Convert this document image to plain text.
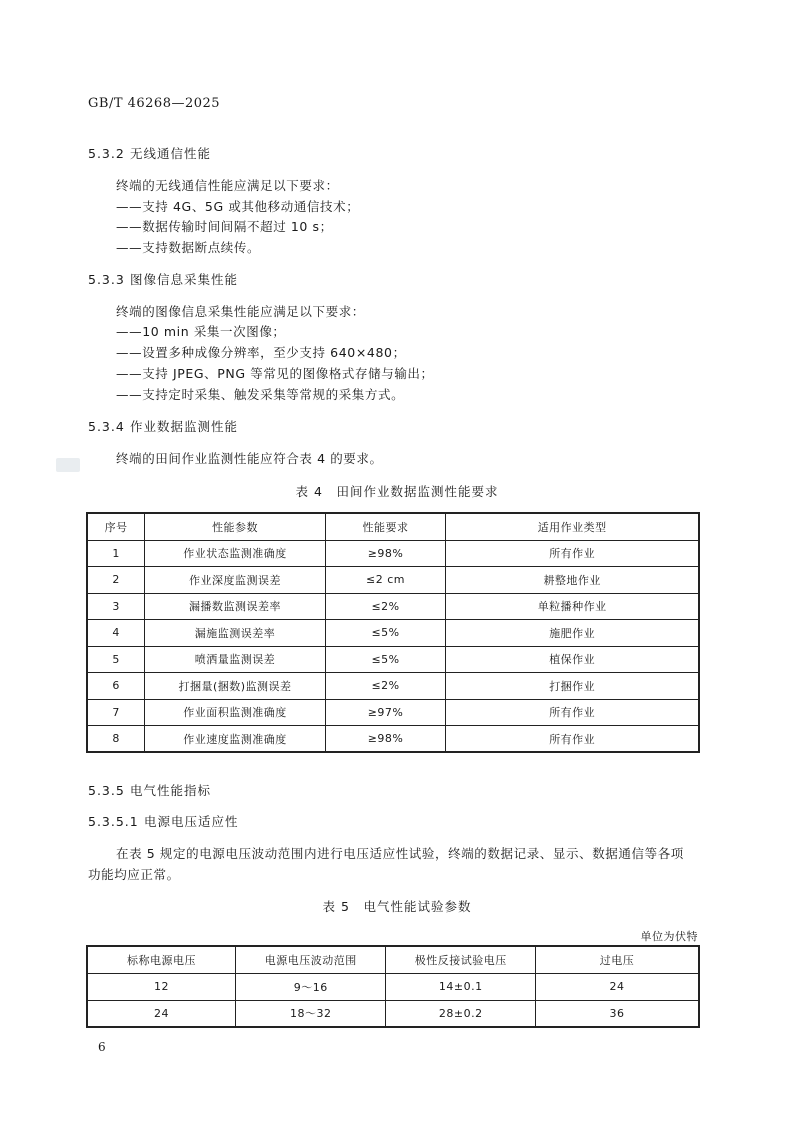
GB/T 46268—2025
5.3.2 无线通信性能
终端的无线通信性能应满足以下要求：
——支持 4G、5G 或其他移动通信技术；
——数据传输时间间隔不超过 10 s；
——支持数据断点续传。
5.3.3 图像信息采集性能
终端的图像信息采集性能应满足以下要求：
——10 min 采集一次图像；
——设置多种成像分辨率，至少支持 640×480；
——支持 JPEG、PNG 等常见的图像格式存储与输出；
——支持定时采集、触发采集等常规的采集方式。
5.3.4 作业数据监测性能
终端的田间作业监测性能应符合表 4 的要求。
表 4　田间作业数据监测性能要求
序号	性能参数	性能要求	适用作业类型
1	作业状态监测准确度	≥98%	所有作业
2	作业深度监测误差	≤2 cm	耕整地作业
3	漏播数监测误差率	≤2%	单粒播种作业
4	漏施监测误差率	≤5%	施肥作业
5	喷洒量监测误差	≤5%	植保作业
6	打捆量(捆数)监测误差	≤2%	打捆作业
7	作业面积监测准确度	≥97%	所有作业
8	作业速度监测准确度	≥98%	所有作业
5.3.5 电气性能指标
5.3.5.1 电源电压适应性
在表 5 规定的电源电压波动范围内进行电压适应性试验，终端的数据记录、显示、数据通信等各项
功能均应正常。
表 5　电气性能试验参数
单位为伏特
标称电源电压	电源电压波动范围	极性反接试验电压	过电压
12	9～16	14±0.1	24
24	18～32	28±0.2	36
6
